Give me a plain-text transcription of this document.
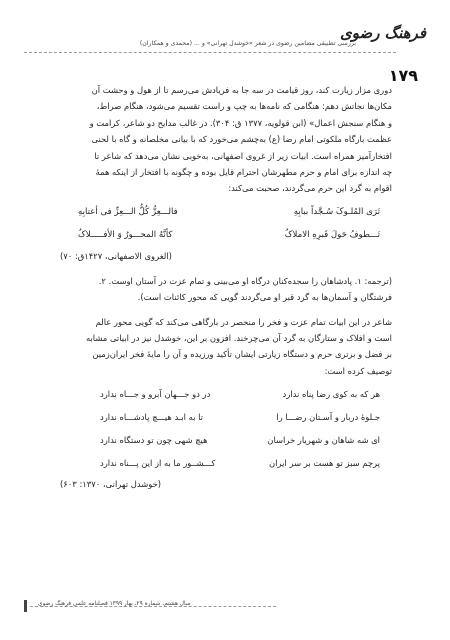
فرهنگ رضوی
بررسی تطبیقی مضامین رضوی در شعر «خوشدل تهرانی» و ... (محمدی و همکاران)
۱۷۹
دوری مزار زیارت کند، روز قیامت در سه جا به فریادش می‌رسم تا از هول و وحشت آن
مکان‌ها نجاتش دهم: هنگامی که نامه‌ها به چپ و راست تقسیم می‌شود، هنگام صراط،
و هنگام سنجش اعمال» (ابن قولویه، ۱۳۷۷ ق: ۳۰۴). در غالب مدایح دو شاعر، کرامت و
عظمت بارگاه ملکوتی امام رضا (ع) به‌چشم می‌خورد که با بیانی مخلصانه و گاه با لحنی
افتخارآمیز همراه است. ابیات زیر از غروی اصفهانی، به‌خوبی نشان می‌دهد که شاعر تا
چه اندازه برای امام و حرم مطهرشان احترام قایل بوده و چگونه با افتخار از اینکه همهٔ
اقوام به گرد این حرم می‌گردند، صحبت می‌کند:
تَرَی المُلـوکَ سُـجَّداً ببابِهِ
فالـــعِزُّ کُلُّ الـــعِزِّ فی أعتابِهِ
تَـــطوفُ حَولَ قَبرِهِ الاملاکُ
کأنَّهُ المحـــورُ وَ الأفـــــلاکُ
(الغروی الاصفهانی، ۱۴۲۷ق: ۷۰)
(ترجمه: ۱. پادشاهان را سجده‌کنان درگاه او می‌بینی و تمام عزت در آستان اوست. ۲.
فرشتگان و آسمان‌ها به گرد قبر او می‌گردند گویی که محور کائنات است).
شاعر در این ابیات تمام عزت و فخر را منحصر در بارگاهی می‌کند که گویی محور عالم
است و افلاک و ستارگان به گرد آن می‌چرخند. افزون بر این، خوشدل نیز در ابیاتی مشابه
بر فضل و برتری حرم و دستگاه زیارتی ایشان تأکید ورزیده و آن را مایهٔ فخر ایران‌زمین
توصیف کرده است:
هر که به کوی رضا پناه ندارد
در دو جـــهان آبرو و جـــاه ندارد
جـلوهٔ دربار و آسـتان رضـــا را
تا به ابـد هیـــچ پادشـــاه ندارد
ای شه شاهان و شهریار خراسان
هیچ شهی چون تو دستگاه ندارد
پرچم سبز تو هست بر سر ایران
کـــشــور ما به از این پـــناه ندارد
(خوشدل تهرانی، ۱۳۷۰: ۶۰۳)
سال هشتم، شماره ۲۹، بهار ۱۳۹۹ فصلنامه علمی فرهنگ رضوی
